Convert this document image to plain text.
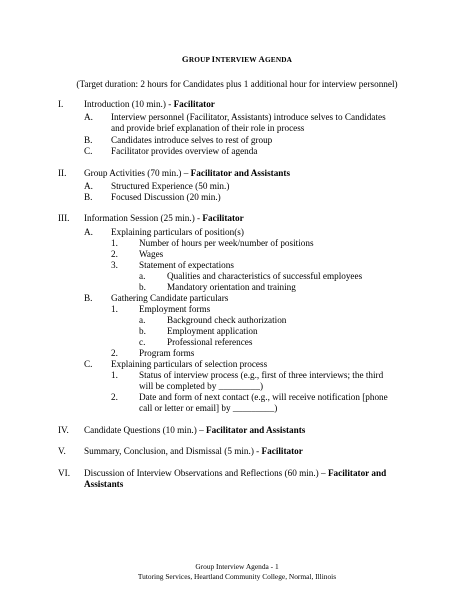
GROUP INTERVIEW AGENDA
(Target duration: 2 hours for Candidates plus 1 additional hour for interview personnel)
I. Introduction (10 min.) - Facilitator
A. Interview personnel (Facilitator, Assistants) introduce selves to Candidates
and provide brief explanation of their role in process
B. Candidates introduce selves to rest of group
C. Facilitator provides overview of agenda
II. Group Activities (70 min.) – Facilitator and Assistants
A. Structured Experience (50 min.)
B. Focused Discussion (20 min.)
III. Information Session (25 min.) - Facilitator
A. Explaining particulars of position(s)
1. Number of hours per week/number of positions
2. Wages
3. Statement of expectations
a. Qualities and characteristics of successful employees
b. Mandatory orientation and training
B. Gathering Candidate particulars
1. Employment forms
a. Background check authorization
b. Employment application
c. Professional references
2. Program forms
C. Explaining particulars of selection process
1. Status of interview process (e.g., first of three interviews; the third
will be completed by _________)
2. Date and form of next contact (e.g., will receive notification [phone
call or letter or email] by _________)
IV. Candidate Questions (10 min.) – Facilitator and Assistants
V. Summary, Conclusion, and Dismissal (5 min.) - Facilitator
VI. Discussion of Interview Observations and Reflections (60 min.) – Facilitator and
Assistants
Group Interview Agenda - 1
Tutoring Services, Heartland Community College, Normal, Illinois
